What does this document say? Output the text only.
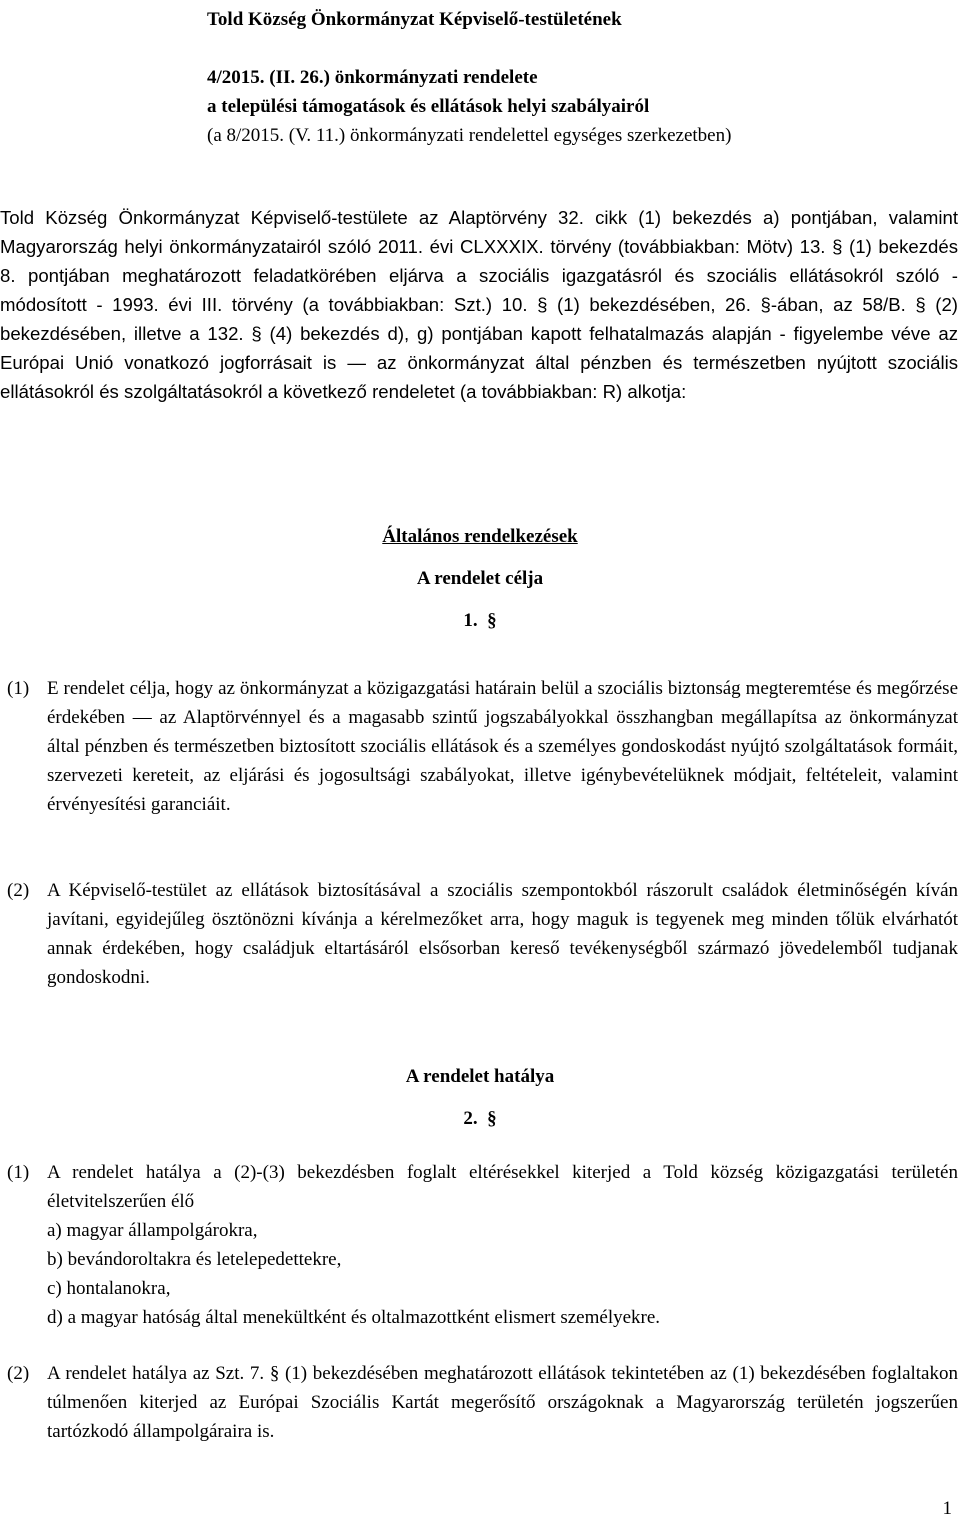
Told Község Önkormányzat Képviselő-testületének

4/2015. (II. 26.) önkormányzati rendelete

a települési támogatások és ellátások helyi szabályairól

(a 8/2015. (V. 11.) önkormányzati rendelettel egységes szerkezetben)

Told Község Önkormányzat Képviselő-testülete az Alaptörvény 32. cikk (1) bekezdés a) pontjában, valamint Magyarország helyi önkormányzatairól szóló 2011. évi CLXXXIX. törvény (továbbiakban: Mötv) 13. § (1) bekezdés 8. pontjában meghatározott feladatkörében eljárva a szociális igazgatásról és szociális ellátásokról szóló - módosított - 1993. évi III. törvény (a továbbiakban: Szt.) 10. § (1) bekezdésében, 26. §-ában, az 58/B. § (2) bekezdésében, illetve a 132. § (4) bekezdés d), g) pontjában kapott felhatalmazás alapján - figyelembe véve az Európai Unió vonatkozó jogforrásait is — az önkormányzat által pénzben és természetben nyújtott szociális ellátásokról és szolgáltatásokról a következő rendeletet (a továbbiakban: R) alkotja:

Általános rendelkezések

A rendelet célja

1. §

(1) E rendelet célja, hogy az önkormányzat a közigazgatási határain belül a szociális biztonság megteremtése és megőrzése érdekében — az Alaptörvénnyel és a magasabb szintű jogszabályokkal összhangban megállapítsa az önkormányzat által pénzben és természetben biztosított szociális ellátások és a személyes gondoskodást nyújtó szolgáltatások formáit, szervezeti kereteit, az eljárási és jogosultsági szabályokat, illetve igénybevételüknek módjait, feltételeit, valamint érvényesítési garanciáit.

(2) A Képviselő-testület az ellátások biztosításával a szociális szempontokból rászorult családok életminőségén kíván javítani, egyidejűleg ösztönözni kívánja a kérelmezőket arra, hogy maguk is tegyenek meg minden tőlük elvárhatót annak érdekében, hogy családjuk eltartásáról elsősorban kereső tevékenységből származó jövedelemből tudjanak gondoskodni.

A rendelet hatálya

2. §

(1) A rendelet hatálya a (2)-(3) bekezdésben foglalt eltérésekkel kiterjed a Told község közigazgatási területén életvitelszerűen élő

a) magyar állampolgárokra,
b) bevándoroltakra és letelepedettekre,
c) hontalanokra,
d) a magyar hatóság által menekültként és oltalmazottként elismert személyekre.
(2) A rendelet hatálya az Szt. 7. § (1) bekezdésében meghatározott ellátások tekintetében az (1) bekezdésében foglaltakon túlmenően kiterjed az Európai Szociális Kartát megerősítő országoknak a Magyarország területén jogszerűen tartózkodó állampolgáraira is.

1
